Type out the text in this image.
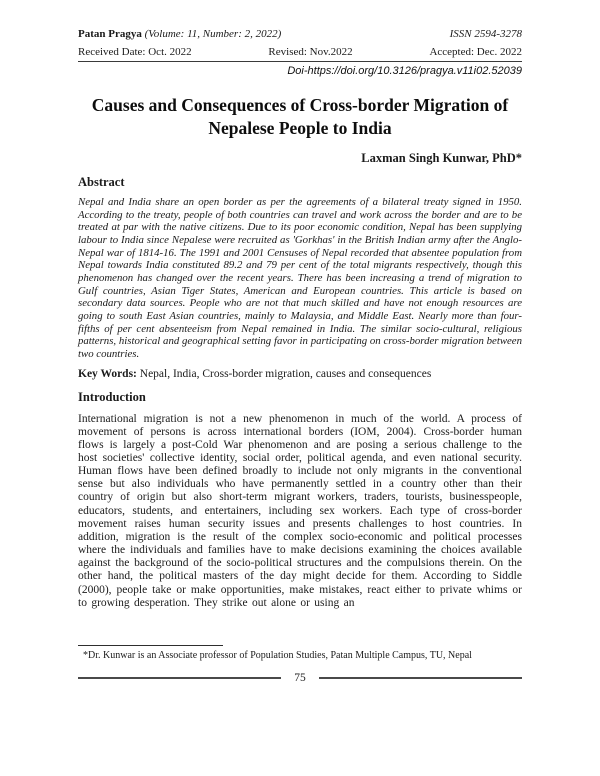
Patan Pragya (Volume: 11, Number: 2, 2022)	ISSN 2594-3278
Received Date: Oct. 2022	Revised: Nov.2022	Accepted: Dec. 2022
Doi-https://doi.org/10.3126/pragya.v11i02.52039
Causes and Consequences of Cross-border Migration of Nepalese People to India
Laxman Singh Kunwar, PhD*
Abstract
Nepal and India share an open border as per the agreements of a bilateral treaty signed in 1950. According to the treaty, people of both countries can travel and work across the border and are to be treated at par with the native citizens. Due to its poor economic condition, Nepal has been supplying labour to India since Nepalese were recruited as 'Gorkhas' in the British Indian army after the Anglo-Nepal war of 1814-16. The 1991 and 2001 Censuses of Nepal recorded that absentee population from Nepal towards India constituted 89.2 and 79 per cent of the total migrants respectively, though this phenomenon has changed over the recent years. There has been increasing a trend of migration to Gulf countries, Asian Tiger States, American and European countries. This article is based on secondary data sources. People who are not that much skilled and have not enough resources are going to south East Asian countries, mainly to Malaysia, and Middle East. Nearly more than four-fifths of per cent absenteeism from Nepal remained in India. The similar socio-cultural, religious patterns, historical and geographical setting favor in participating on cross-border migration between two countries.
Key Words: Nepal, India, Cross-border migration, causes and consequences
Introduction
International migration is not a new phenomenon in much of the world. A process of movement of persons is across international borders (IOM, 2004). Cross-border human flows is largely a post-Cold War phenomenon and are posing a serious challenge to the host societies' collective identity, social order, political agenda, and even national security. Human flows have been defined broadly to include not only migrants in the conventional sense but also individuals who have permanently settled in a country other than their country of origin but also short-term migrant workers, traders, tourists, businesspeople, educators, students, and entertainers, including sex workers. Each type of cross-border movement raises human security issues and presents challenges to host countries. In addition, migration is the result of the complex socio-economic and political processes where the individuals and families have to make decisions examining the choices available against the background of the socio-political structures and the compulsions therein. On the other hand, the political masters of the day might decide for them. According to Siddle (2000), people take or make opportunities, make mistakes, react either to private whims or to growing desperation. They strike out alone or using an
*Dr. Kunwar is an Associate professor of Population Studies, Patan Multiple Campus, TU, Nepal
75
